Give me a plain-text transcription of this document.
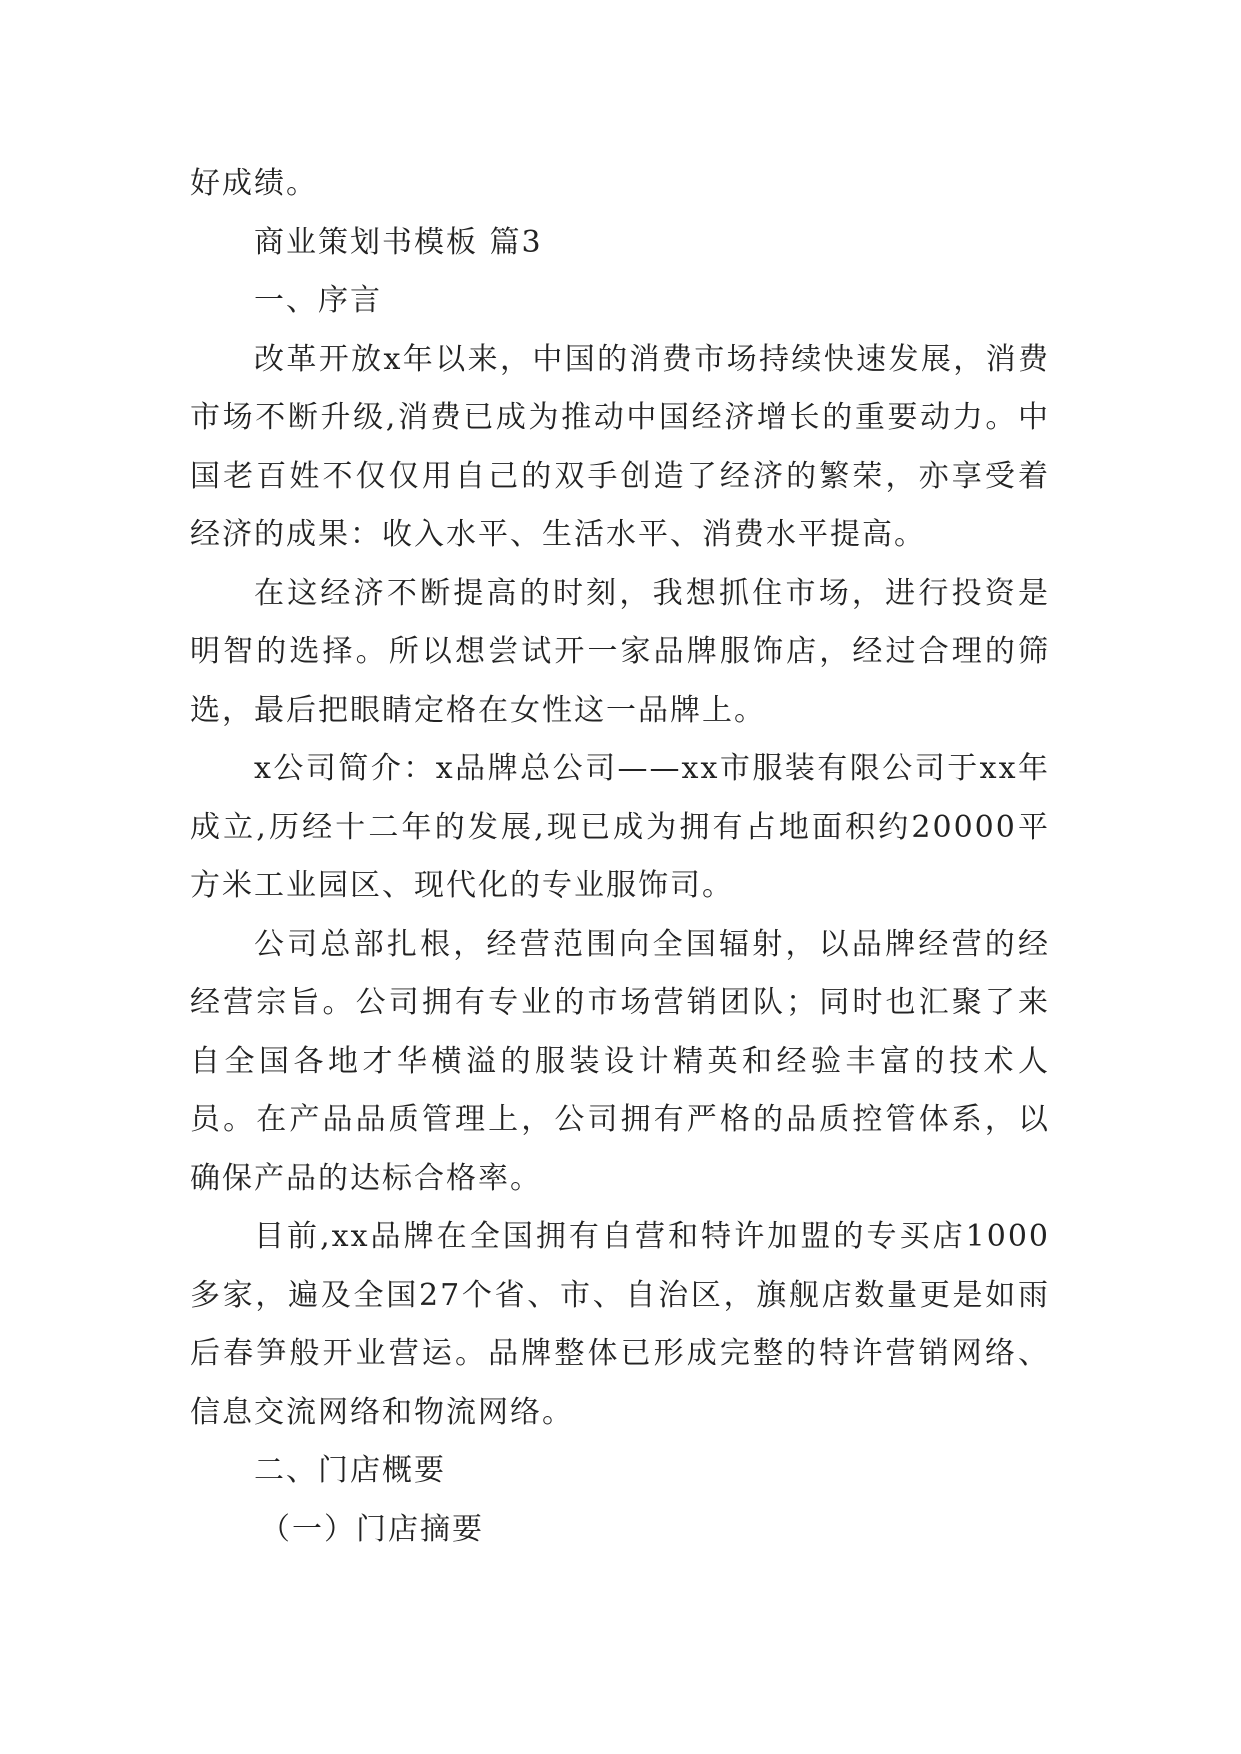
好成绩。

商业策划书模板 篇3

一、序言

改革开放x年以来，中国的消费市场持续快速发展，消费市场不断升级,消费已成为推动中国经济增长的重要动力。中国老百姓不仅仅用自己的双手创造了经济的繁荣，亦享受着经济的成果：收入水平、生活水平、消费水平提高。

在这经济不断提高的时刻，我想抓住市场，进行投资是明智的选择。所以想尝试开一家品牌服饰店，经过合理的筛选，最后把眼睛定格在女性这一品牌上。

x公司简介：x品牌总公司——xx市服装有限公司于xx年成立,历经十二年的发展,现已成为拥有占地面积约20000平方米工业园区、现代化的专业服饰司。

公司总部扎根，经营范围向全国辐射，以品牌经营的经经营宗旨。公司拥有专业的市场营销团队；同时也汇聚了来自全国各地才华横溢的服装设计精英和经验丰富的技术人员。在产品品质管理上，公司拥有严格的品质控管体系，以确保产品的达标合格率。

目前,xx品牌在全国拥有自营和特许加盟的专买店1000多家，遍及全国27个省、市、自治区，旗舰店数量更是如雨后春笋般开业营运。品牌整体已形成完整的特许营销网络、信息交流网络和物流网络。

二、门店概要

（一）门店摘要
